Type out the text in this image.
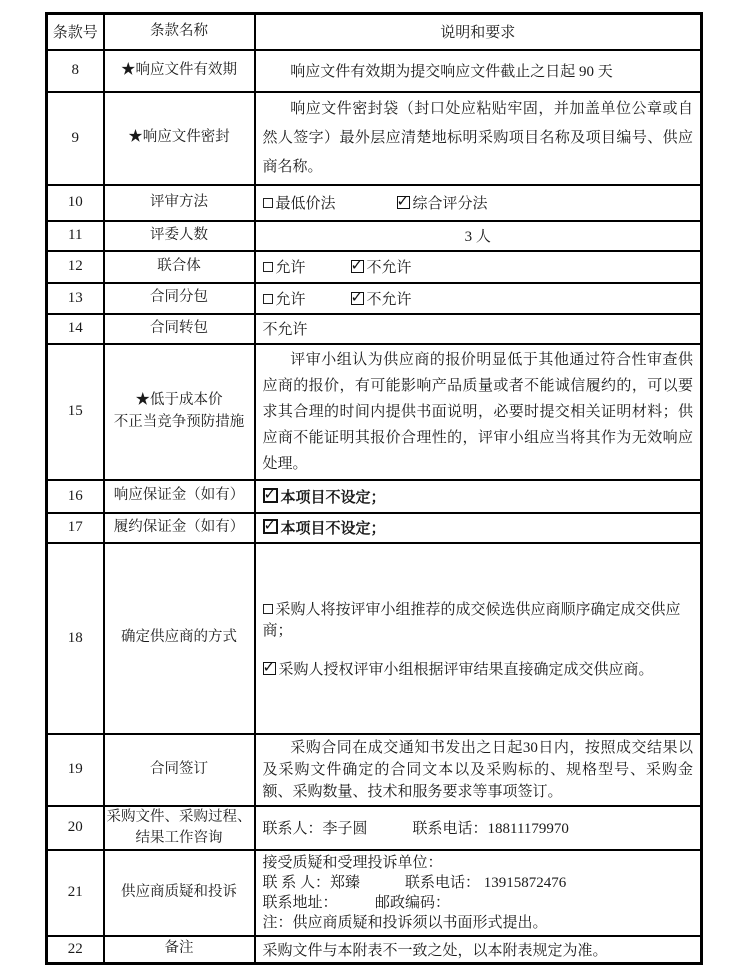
条款号	条款名称	说明和要求
8	★响应文件有效期	响应文件有效期为提交响应文件截止之日起 90 天

9	★响应文件密封	响应文件密封袋（封口处应粘贴牢固，并加盖单位公章或自然人签字）最外层应清楚地标明采购项目名称及项目编号、供应商名称。

10	评审方法	最低价法 ✓ 综合评分法
11	评委人数	3 人
12	联合体	允许 ✓ 不允许
13	合同分包	允许 ✓ 不允许
14	合同转包	不允许
15	★低于成本价
不正当竞争预防措施	评审小组认为供应商的报价明显低于其他通过符合性审查供应商的报价，有可能影响产品质量或者不能诚信履约的，可以要求其合理的时间内提供书面说明，必要时提交相关证明材料；供应商不能证明其报价合理性的，评审小组应当将其作为无效响应处理。

16	响应保证金（如有）	✓本项目不设定；
17	履约保证金（如有）	✓本项目不设定；
18	确定供应商的方式	采购人将按评审小组推荐的成交候选供应商顺序确定成交供应商；
✓采购人授权评审小组根据评审结果直接确定成交供应商。

19	合同签订	采购合同在成交通知书发出之日起30日内，按照成交结果以及采购文件确定的合同文本以及采购标的、规格型号、采购金额、采购数量、技术和服务要求等事项签订。

20	采购文件、采购过程、
结果工作咨询	联系人：李子圆　　　联系电话：18811179970
21	供应商质疑和投诉	接受质疑和受理投诉单位：
联 系 人：郑臻　　　联系电话： 13915872476
联系地址：　　　邮政编码：
注：供应商质疑和投诉须以书面形式提出。

22	备注	采购文件与本附表不一致之处，以本附表规定为准。
